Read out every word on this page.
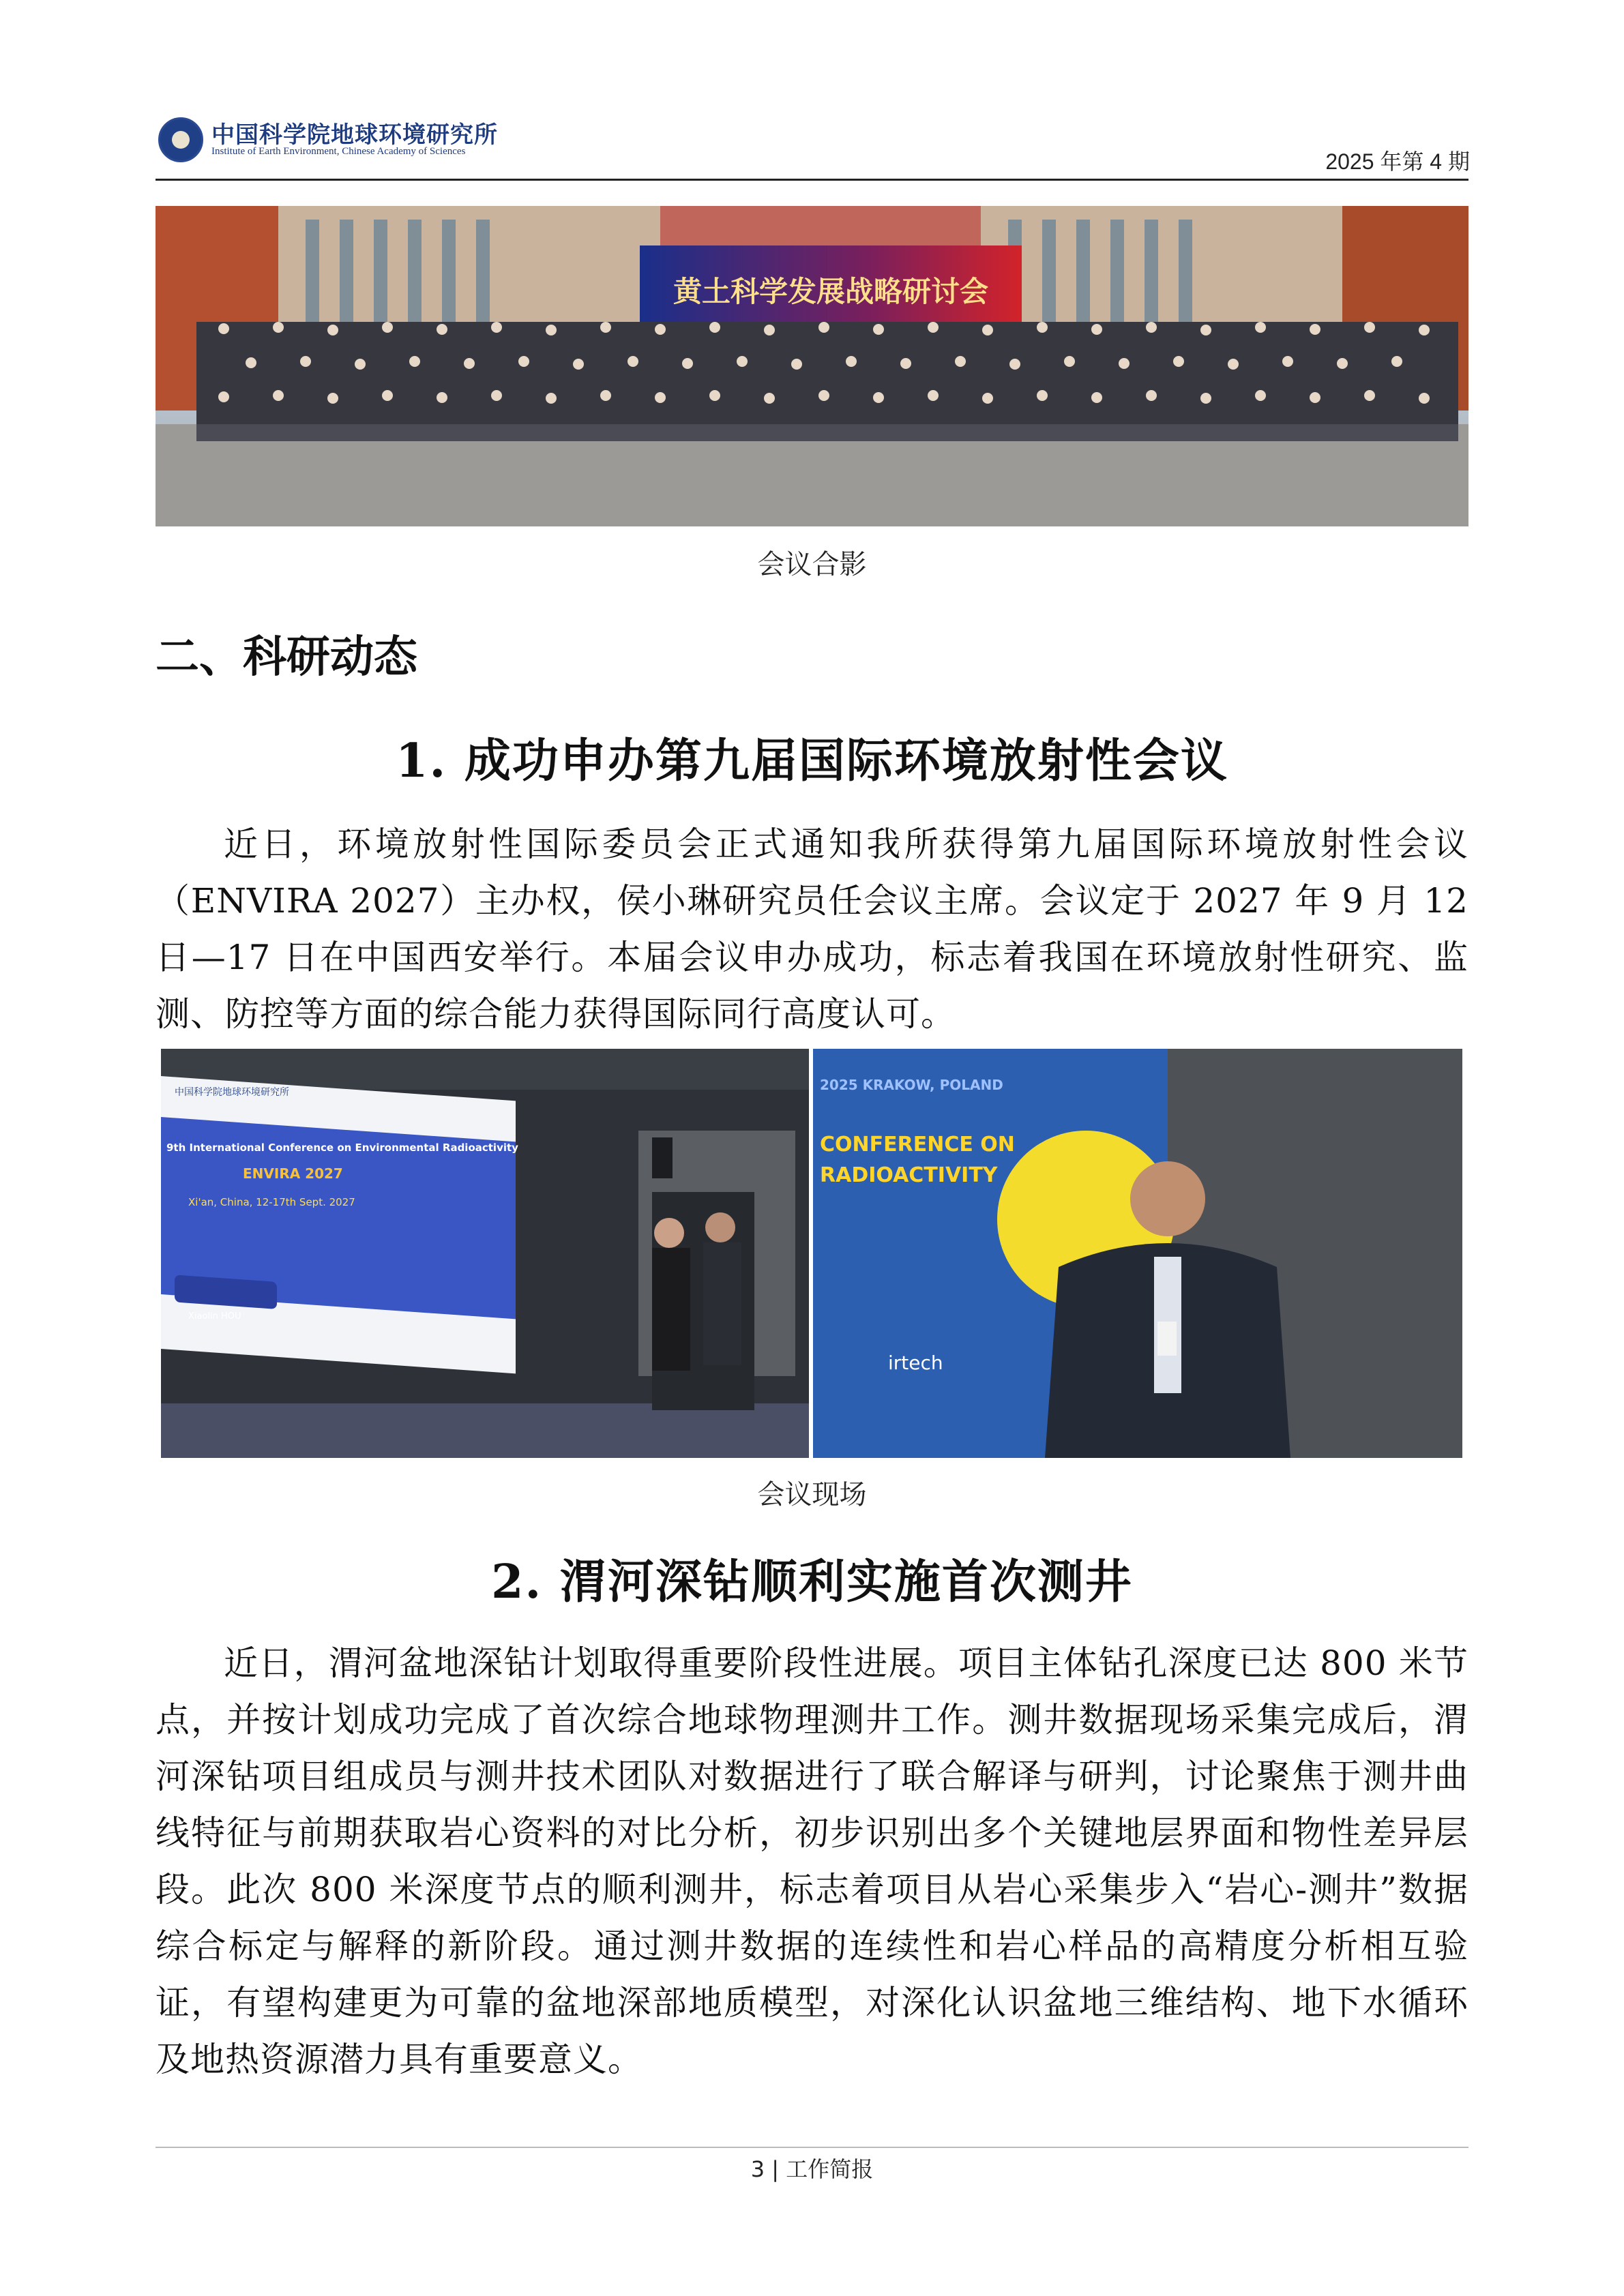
中国科学院地球环境研究所
Institute of Earth Environment, Chinese Academy of Sciences	2025 年第 4 期
黄土科学发展战略研讨会
会议合影
二、科研动态
1. 成功申办第九届国际环境放射性会议
近日，环境放射性国际委员会正式通知我所获得第九届国际环境放射性会议（ENVIRA 2027）主办权，侯小琳研究员任会议主席。会议定于 2027 年 9 月 12 日—17 日在中国西安举行。本届会议申办成功，标志着我国在环境放射性研究、监测、防控等方面的综合能力获得国际同行高度认可。
中国科学院地球环境研究所
9th International Conference on Environmental Radioactivity
ENVIRA 2027
Xi'an, China, 12-17th Sept. 2027
Xiaolin HOU
2025 KRAKOW, POLAND
CONFERENCE ON
RADIOACTIVITY
irtech
会议现场
2. 渭河深钻顺利实施首次测井
近日，渭河盆地深钻计划取得重要阶段性进展。项目主体钻孔深度已达 800 米节点，并按计划成功完成了首次综合地球物理测井工作。测井数据现场采集完成后，渭河深钻项目组成员与测井技术团队对数据进行了联合解译与研判，讨论聚焦于测井曲线特征与前期获取岩心资料的对比分析，初步识别出多个关键地层界面和物性差异层段。此次 800 米深度节点的顺利测井，标志着项目从岩心采集步入“岩心-测井”数据综合标定与解释的新阶段。通过测井数据的连续性和岩心样品的高精度分析相互验证，有望构建更为可靠的盆地深部地质模型，对深化认识盆地三维结构、地下水循环及地热资源潜力具有重要意义。
3 | 工作简报
